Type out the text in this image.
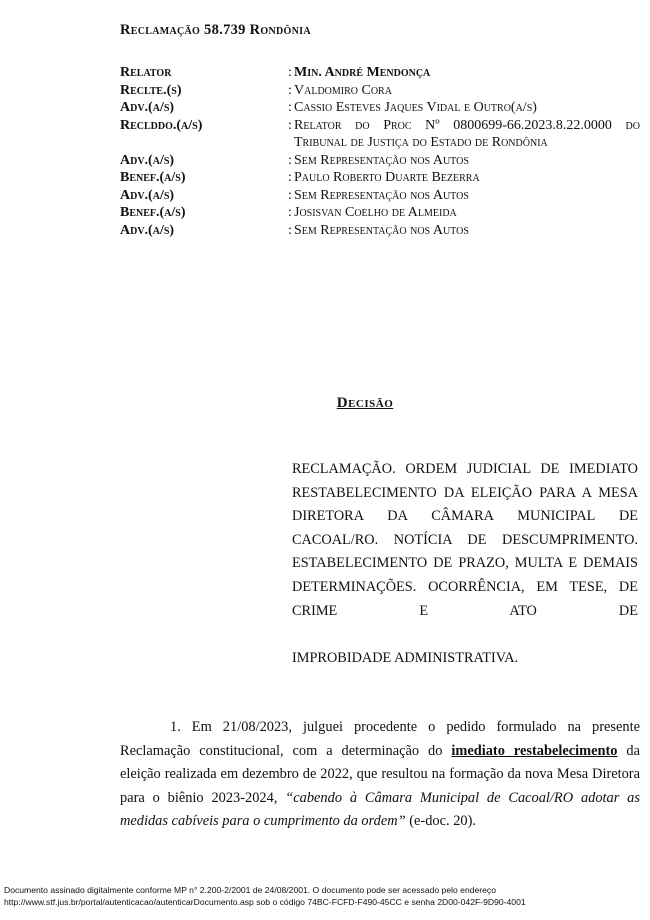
Reclamação 58.739 Rondônia
Relator	: Min. André Mendonça
Reclte.(s)	: Valdomiro Cora
Adv.(a/s)	: Cassio Esteves Jaques Vidal e Outro(a/s)
Reclddo.(a/s)	: Relator do Proc Nº 0800699-66.2023.8.22.0000 do Tribunal de Justiça do Estado de Rondônia
Adv.(a/s)	: Sem Representação nos Autos
Benef.(a/s)	: Paulo Roberto Duarte Bezerra
Adv.(a/s)	: Sem Representação nos Autos
Benef.(a/s)	: Josisvan Coelho de Almeida
Adv.(a/s)	: Sem Representação nos Autos
Decisão
RECLAMAÇÃO. ORDEM JUDICIAL DE IMEDIATO RESTABELECIMENTO DA ELEIÇÃO PARA A MESA DIRETORA DA CÂMARA MUNICIPAL DE CACOAL/RO. NOTÍCIA DE DESCUMPRIMENTO. ESTABELECIMENTO DE PRAZO, MULTA E DEMAIS DETERMINAÇÕES. OCORRÊNCIA, EM TESE, DE CRIME E ATO DE
IMPROBIDADE ADMINISTRATIVA.
1. Em 21/08/2023, julguei procedente o pedido formulado na presente Reclamação constitucional, com a determinação do imediato restabelecimento da eleição realizada em dezembro de 2022, que resultou na formação da nova Mesa Diretora para o biênio 2023-2024, “cabendo à Câmara Municipal de Cacoal/RO adotar as medidas cabíveis para o cumprimento da ordem” (e-doc. 20).
Documento assinado digitalmente conforme MP n° 2.200-2/2001 de 24/08/2001. O documento pode ser acessado pelo endereço
http://www.stf.jus.br/portal/autenticacao/autenticarDocumento.asp sob o código 74BC-FCFD-F490-45CC e senha 2D00-042F-9D90-4001
